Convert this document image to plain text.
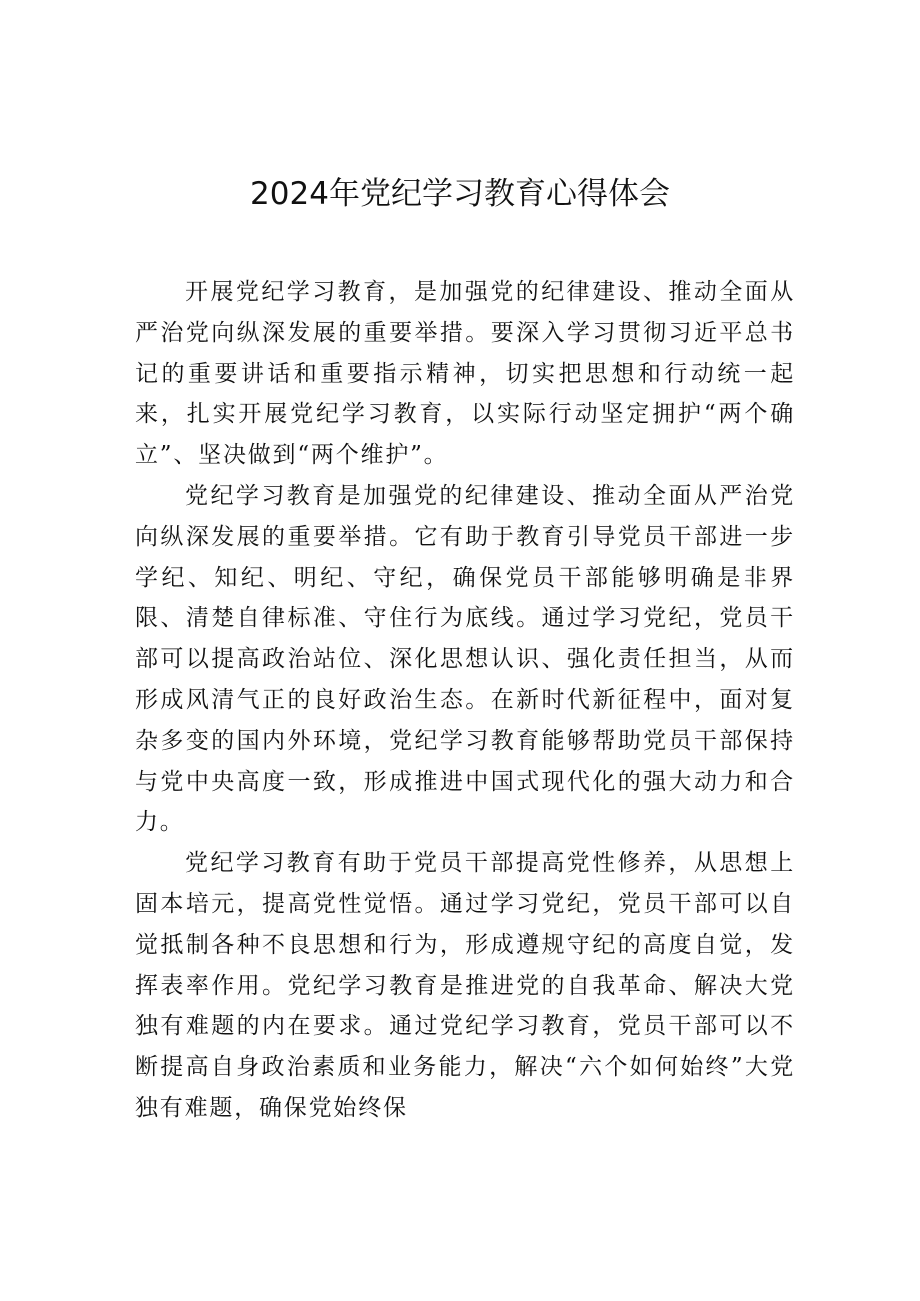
2024年党纪学习教育心得体会

开展党纪学习教育，是加强党的纪律建设、推动全面从严治党向纵深发展的重要举措。要深入学习贯彻习近平总书记的重要讲话和重要指示精神，切实把思想和行动统一起来，扎实开展党纪学习教育，以实际行动坚定拥护“两个确立”、坚决做到“两个维护”。

党纪学习教育是加强党的纪律建设、推动全面从严治党向纵深发展的重要举措。它有助于教育引导党员干部进一步学纪、知纪、明纪、守纪，确保党员干部能够明确是非界限、清楚自律标准、守住行为底线。通过学习党纪，党员干部可以提高政治站位、深化思想认识、强化责任担当，从而形成风清气正的良好政治生态。在新时代新征程中，面对复杂多变的国内外环境，党纪学习教育能够帮助党员干部保持与党中央高度一致，形成推进中国式现代化的强大动力和合力。

党纪学习教育有助于党员干部提高党性修养，从思想上固本培元，提高党性觉悟。通过学习党纪，党员干部可以自觉抵制各种不良思想和行为，形成遵规守纪的高度自觉，发挥表率作用。党纪学习教育是推进党的自我革命、解决大党独有难题的内在要求。通过党纪学习教育，党员干部可以不断提高自身政治素质和业务能力，解决“六个如何始终”大党独有难题，确保党始终保
